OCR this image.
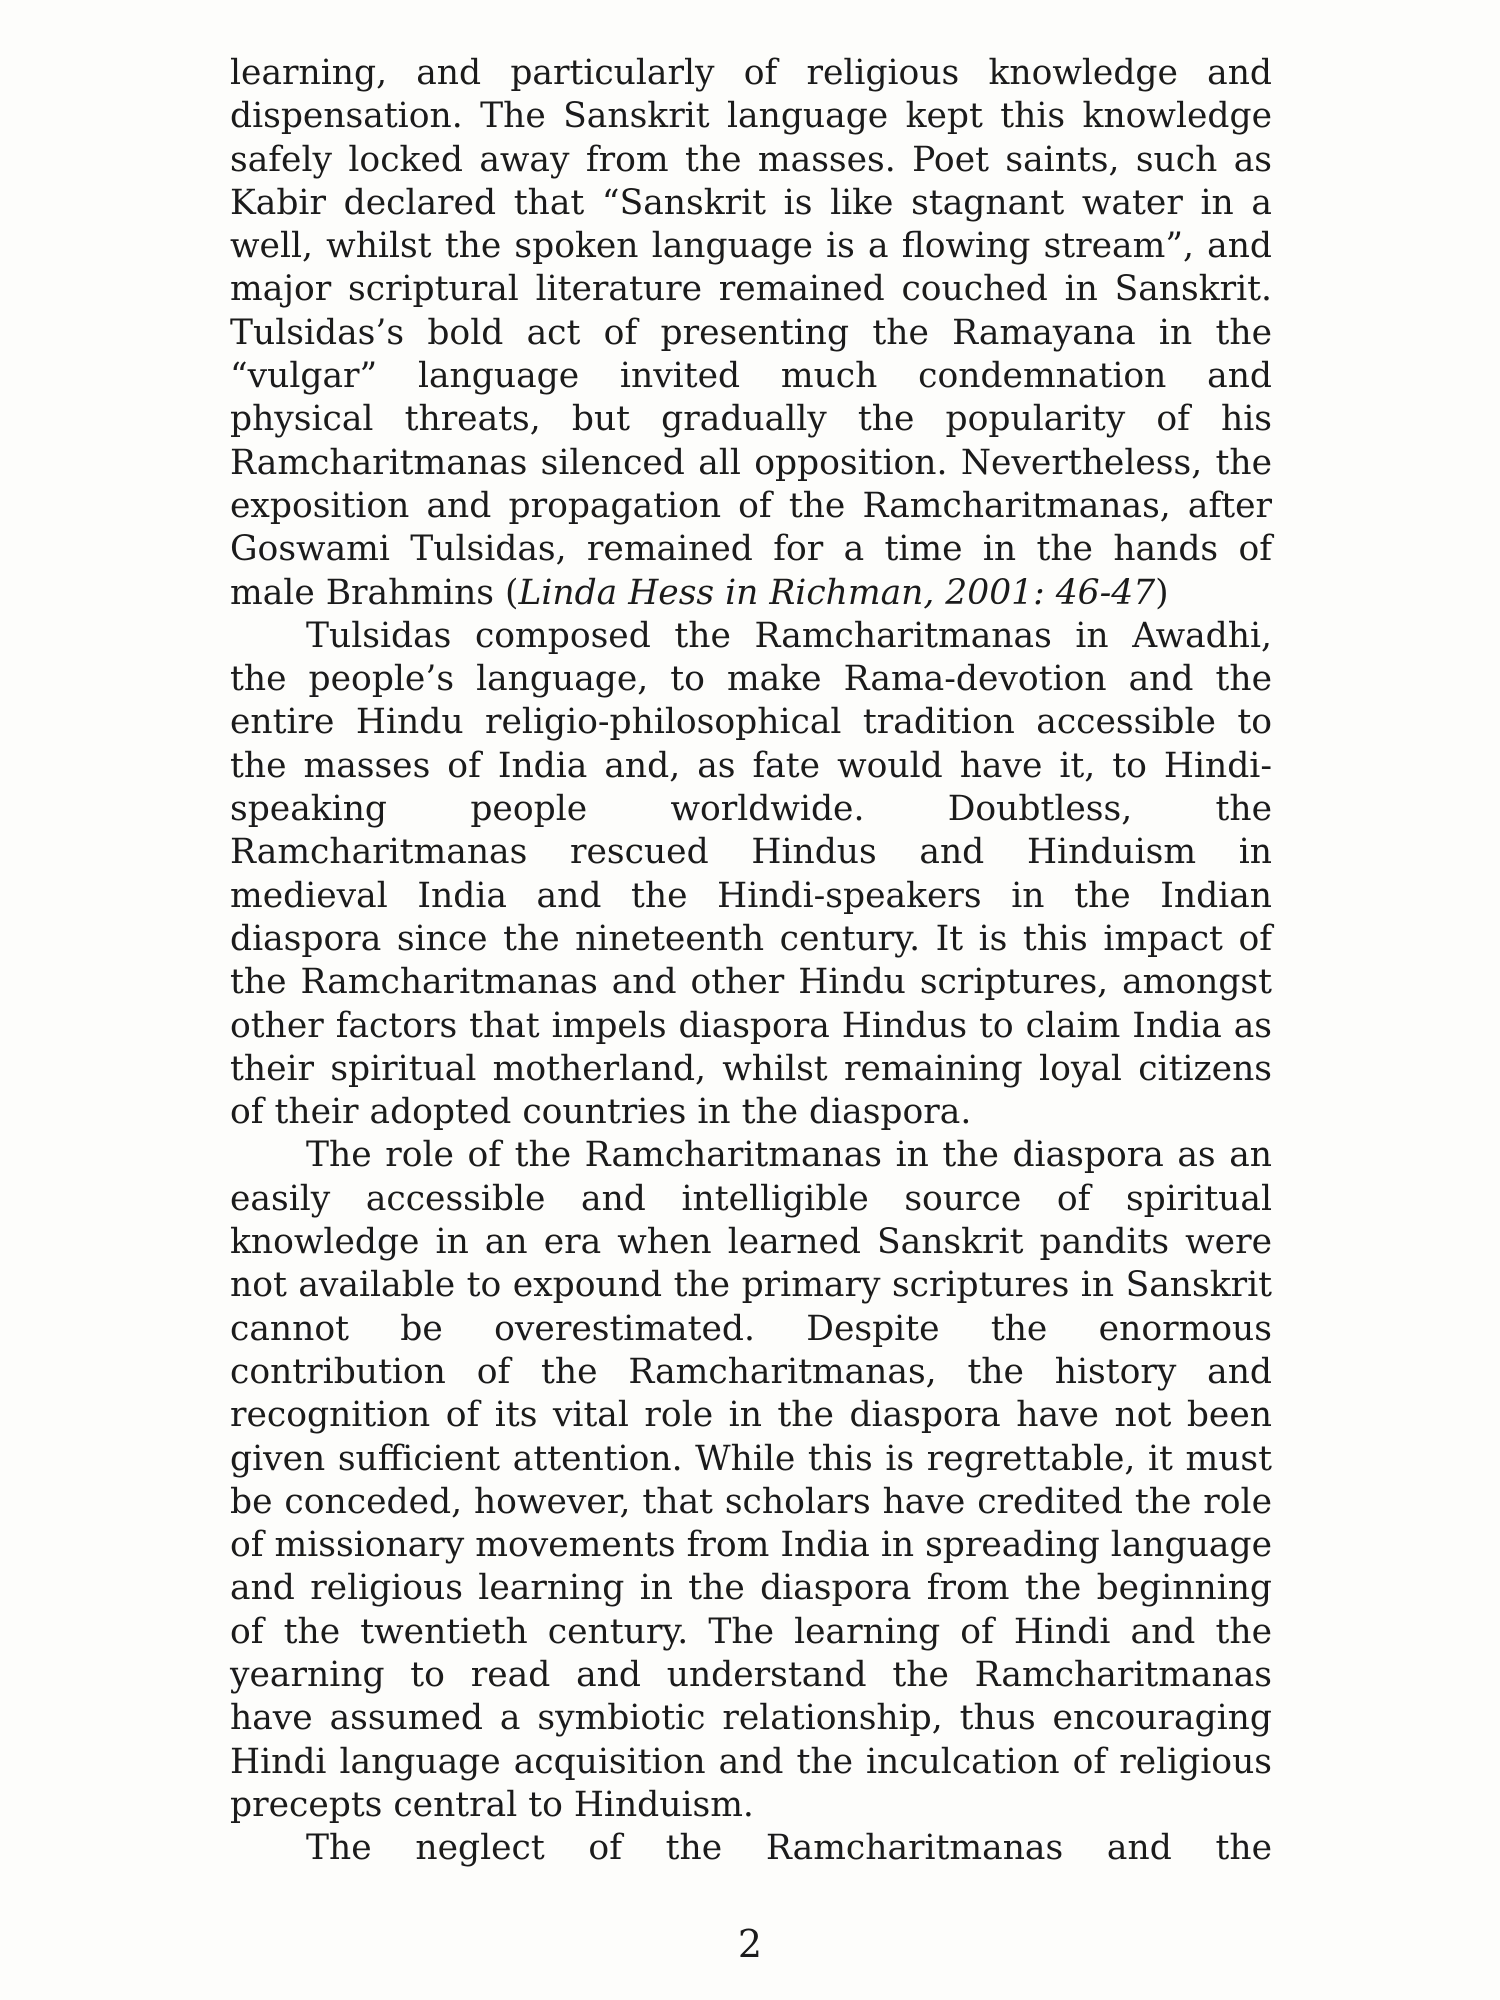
learning, and particularly of religious knowledge and dispensation. The Sanskrit language kept this knowledge safely locked away from the masses. Poet saints, such as Kabir declared that “Sanskrit is like stagnant water in a well, whilst the spoken language is a flowing stream”, and major scriptural literature remained couched in Sanskrit. Tulsidas’s bold act of presenting the Ramayana in the “vulgar” language invited much condemnation and physical threats, but gradually the popularity of his Ramcharitmanas silenced all opposition. Nevertheless, the exposition and propagation of the Ramcharitmanas, after Goswami Tulsidas, remained for a time in the hands of male Brahmins (Linda Hess in Richman, 2001: 46-47)

Tulsidas composed the Ramcharitmanas in Awadhi, the people’s language, to make Rama-devotion and the entire Hindu religio-philosophical tradition accessible to the masses of India and, as fate would have it, to Hindi-speaking people worldwide. Doubtless, the Ramcharitmanas rescued Hindus and Hinduism in medieval India and the Hindi-speakers in the Indian diaspora since the nineteenth century. It is this impact of the Ramcharitmanas and other Hindu scriptures, amongst other factors that impels diaspora Hindus to claim India as their spiritual motherland, whilst remaining loyal citizens of their adopted countries in the diaspora.

The role of the Ramcharitmanas in the diaspora as an easily accessible and intelligible source of spiritual knowledge in an era when learned Sanskrit pandits were not available to expound the primary scriptures in Sanskrit cannot be overestimated. Despite the enormous contribution of the Ramcharitmanas, the history and recognition of its vital role in the diaspora have not been given sufficient attention. While this is regrettable, it must be conceded, however, that scholars have credited the role of missionary movements from India in spreading language and religious learning in the diaspora from the beginning of the twentieth century. The learning of Hindi and the yearning to read and understand the Ramcharitmanas have assumed a symbiotic relationship, thus encouraging Hindi language acquisition and the inculcation of religious precepts central to Hinduism.

The neglect of the Ramcharitmanas and the

2
